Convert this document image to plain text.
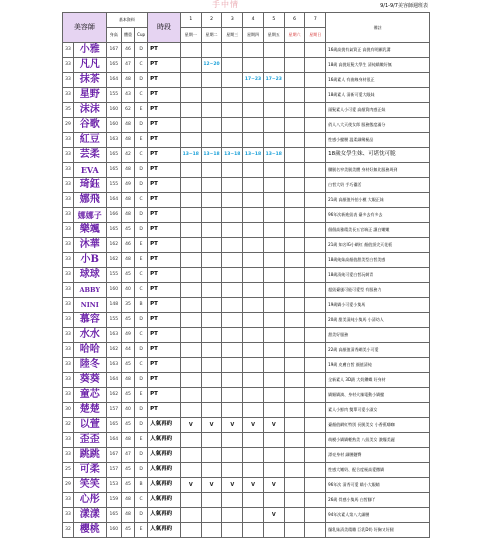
手中情	9/1-9/7美容師週班表
美容師		基本資料			時段	1	2	3	4	5	6	7	備註
		身高	體重	Cup		星期一	星期二	星期三	星期四	星期五	星期六	星期日	
33	小雅	167	46	D	PT								16歲高挑有氣質正 高挑有明顯乳溝
33	凡凡	165	47	C	PT		12~20						18歲 高挑短髮大學生 清純嬌嫩好無
33	抹茶	164	48	D	PT				17~23	17~23			16歲素人 有曲線身材很正
33	星野	155	43	C	PT								18歲素人 清新可愛大眼妹
35	沫沫	160	62	E	PT								頭髮素人小可愛 高顏質肉感正妹
29	谷歌	160	48	D	PT								俏人八大天使女郎 服務態度滿分
33	紅豆	163	48	E	PT								性感小蠻腰 溫柔細緻極品
33	芸柔	165	42	C	PT	13~18	13~18	13~18	13~18	13~18			18歲女學生妹、可堪忱可脆
33	EVA	165	48	D	PT								纖腿名窄美腿美體 身材好無比服務周到
33	琦鈺	155	49	D	PT								白皙大奶 手巧優活
33	娜飛	164	48	C	PT								21歲 高顏值外拍小模 大眼正妹
33	娜娜子	166	48	D	PT								96年次新進級表 臺多去有多去
33	樂颯	165	45	D	PT								個個高雅精美長五官端正 讓白嫩嫩
33	沐華	162	46	E	PT								21歲 知名IG小網紅 顏值頂尖天花板
33	小B	162	48	E	PT								18歲純妹高顏值甜美型白皙美感
33	球球	155	45	C	PT								18歲清純可愛白皙玩刺青
33	ABBY	160	40	C	PT								超級臺風可能可愛型 有服務力
33	NINI	148	35	B	PT								19歲嬌小可愛小隻馬
33	慕容	155	45	D	PT								20歲 甜美清純小隻馬 小清幼人
33	水水	163	49	C	PT								甜美好服務
33	哈哈	162	44	D	PT								22歲 高顏值清秀網美小可愛
33	陸冬	163	45	C	PT								19歲 皮膚白皙 顏值清純
33	葵葵	164	48	D	PT								全新素人 3D鎖 大奶鑽蝶 好身材
33	童芯	162	45	E	PT								嬌媚嬌滴、身材火辣電動小嬌蠻
30	楚楚	157	40	D	PT								素人小鮮肉 雙單可愛小淑女
32	以萱	165	45	D	人氣再約	V	V	V	V	V			臺顏值網紅特別 長腿美女 小香蕉嗨咖
33	歪歪	164	48	E	人氣再約								萌模小嬌嬌輕熟美 八級美女 激爆美麗
33	跳跳	167	47	D	人氣再約								漂亮身材 細腰翹臀
25	可柔	157	45	D	人氣再約								性感大嫩奶、配合度極高愛撒嬌
29	笑笑	153	45	B	人氣再約	V	V	V	V	V			96年次 清秀可愛 嬌小大眼睛
33	心彤	159	48	C	人氣再約								26歲 骨感小隻馬 白皙腳丫
33	漾漾	165	48	D	人氣再約					V			94年次素人第八大細腰
32	櫻桃	160	45	E	人氣再約								爆乳妹清美精雕 巨乳D奶 好胸又好腿
